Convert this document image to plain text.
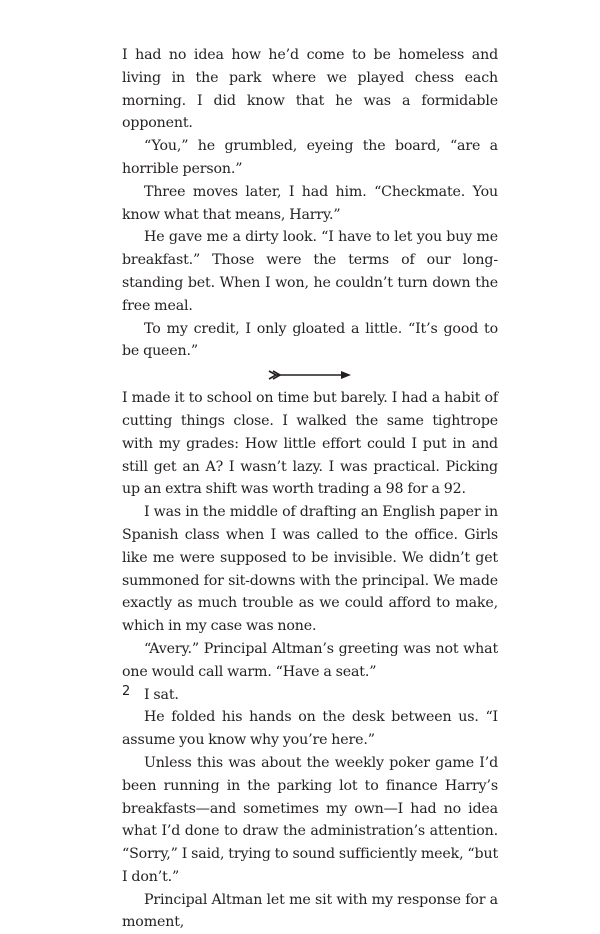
I had no idea how he’d come to be homeless and living in the park where we played chess each morning. I did know that he was a formidable opponent.

“You,” he grumbled, eyeing the board, “are a horrible person.”

Three moves later, I had him. “Checkmate. You know what that means, Harry.”

He gave me a dirty look. “I have to let you buy me breakfast.” Those were the terms of our long-standing bet. When I won, he couldn’t turn down the free meal.

To my credit, I only gloated a little. “It’s good to be queen.”

I made it to school on time but barely. I had a habit of cutting things close. I walked the same tightrope with my grades: How little effort could I put in and still get an A? I wasn’t lazy. I was practical. Picking up an extra shift was worth trading a 98 for a 92.

I was in the middle of drafting an English paper in Spanish class when I was called to the office. Girls like me were supposed to be invisible. We didn’t get summoned for sit-downs with the principal. We made exactly as much trouble as we could afford to make, which in my case was none.

“Avery.” Principal Altman’s greeting was not what one would call warm. “Have a seat.”

I sat.

He folded his hands on the desk between us. “I assume you know why you’re here.”

Unless this was about the weekly poker game I’d been running in the parking lot to finance Harry’s breakfasts—and sometimes my own—I had no idea what I’d done to draw the administration’s attention. “Sorry,” I said, trying to sound sufficiently meek, “but I don’t.”

Principal Altman let me sit with my response for a moment,

2
